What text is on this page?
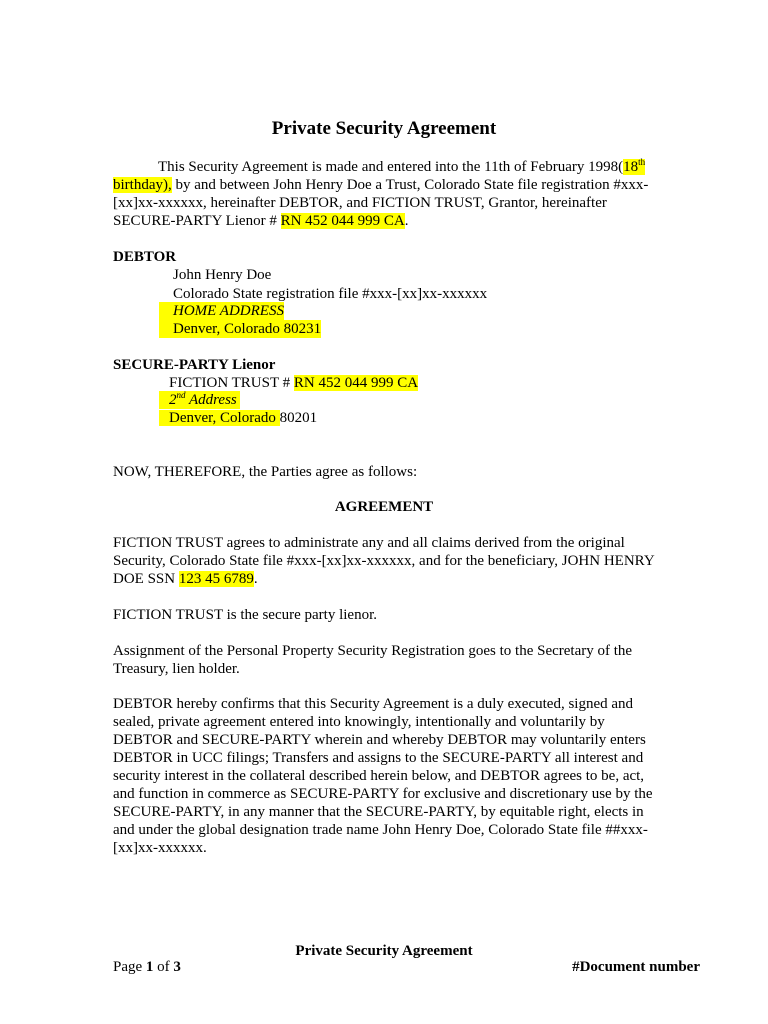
Private Security Agreement

This Security Agreement is made and entered into the 11th of February 1998(18th
birthday), by and between John Henry Doe a Trust, Colorado State file registration #xxx-[xx]xx-xxxxxx, hereinafter DEBTOR, and FICTION TRUST, Grantor, hereinafter SECURE-PARTY Lienor # RN 452 044 999 CA.

DEBTOR
John Henry Doe
Colorado State registration file #xxx-[xx]xx-xxxxxx
HOME ADDRESS
Denver, Colorado 80231
SECURE-PARTY Lienor
FICTION TRUST # RN 452 044 999 CA
2nd Address
Denver, Colorado 80201
NOW, THEREFORE, the Parties agree as follows:
AGREEMENT

FICTION TRUST agrees to administrate any and all claims derived from the original Security, Colorado State file #xxx-[xx]xx-xxxxxx, and for the beneficiary, JOHN HENRY DOE SSN 123 45 6789.

FICTION TRUST is the secure party lienor.

Assignment of the Personal Property Security Registration goes to the Secretary of the Treasury, lien holder.

DEBTOR hereby confirms that this Security Agreement is a duly executed, signed and sealed, private agreement entered into knowingly, intentionally and voluntarily by DEBTOR and SECURE-PARTY wherein and whereby DEBTOR may voluntarily enters DEBTOR in UCC filings; Transfers and assigns to the SECURE-PARTY all interest and security interest in the collateral described herein below, and DEBTOR agrees to be, act, and function in commerce as SECURE-PARTY for exclusive and discretionary use by the SECURE-PARTY, in any manner that the SECURE-PARTY, by equitable right, elects in and under the global designation trade name John Henry Doe, Colorado State file ##xxx-[xx]xx-xxxxxx.

Private Security Agreement
Page 1 of 3	#Document number
